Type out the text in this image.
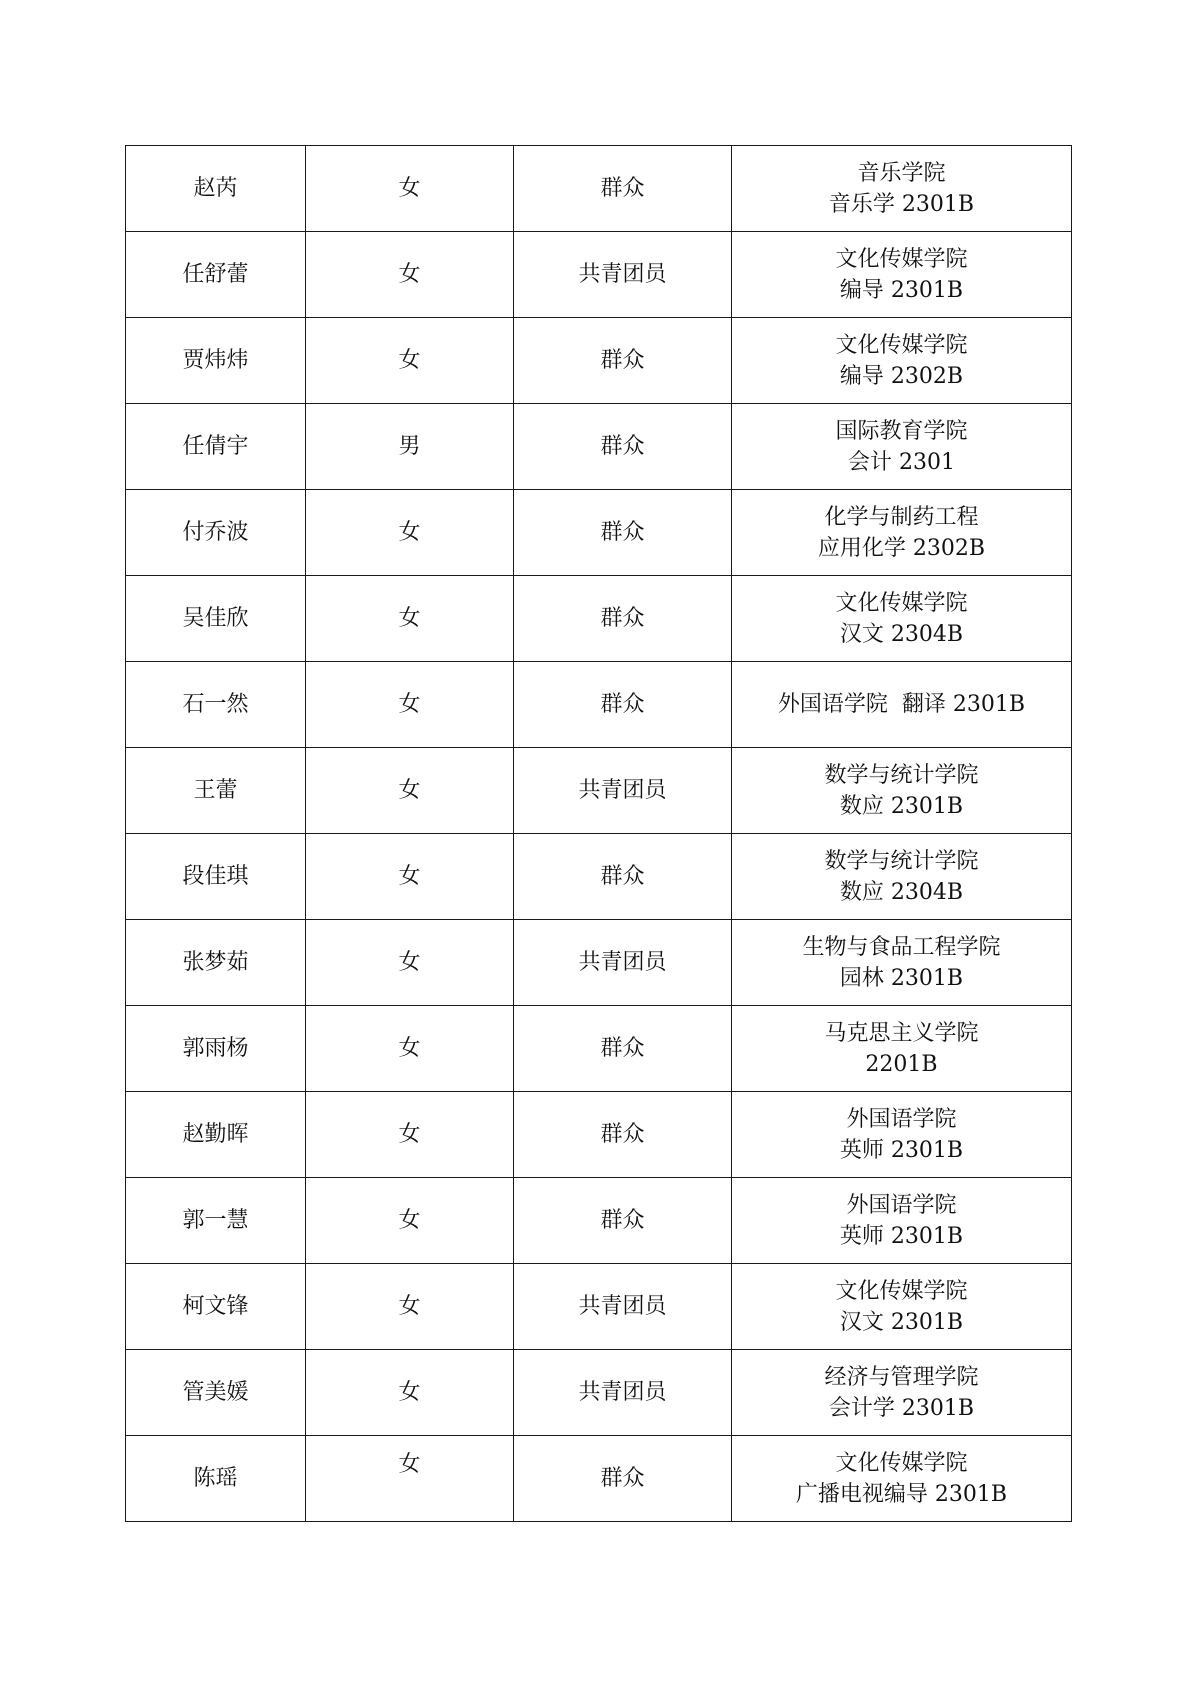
赵芮	女	群众	音乐学院
音乐学 2301B

任舒蕾	女	共青团员	文化传媒学院
编导 2301B

贾炜炜	女	群众	文化传媒学院
编导 2302B

任倩宇	男	群众	国际教育学院
会计 2301

付乔波	女	群众	化学与制药工程
应用化学 2302B

吴佳欣	女	群众	文化传媒学院
汉文 2304B

石一然	女	群众	外国语学院  翻译 2301B

王蕾	女	共青团员	数学与统计学院
数应 2301B

段佳琪	女	群众	数学与统计学院
数应 2304B

张梦茹	女	共青团员	生物与食品工程学院
园林 2301B

郭雨杨	女	群众	马克思主义学院
2201B

赵勤晖	女	群众	外国语学院
英师 2301B

郭一慧	女	群众	外国语学院
英师 2301B

柯文锋	女	共青团员	文化传媒学院
汉文 2301B

管美媛	女	共青团员	经济与管理学院
会计学 2301B

陈瑶	女	群众	文化传媒学院
广播电视编导 2301B
